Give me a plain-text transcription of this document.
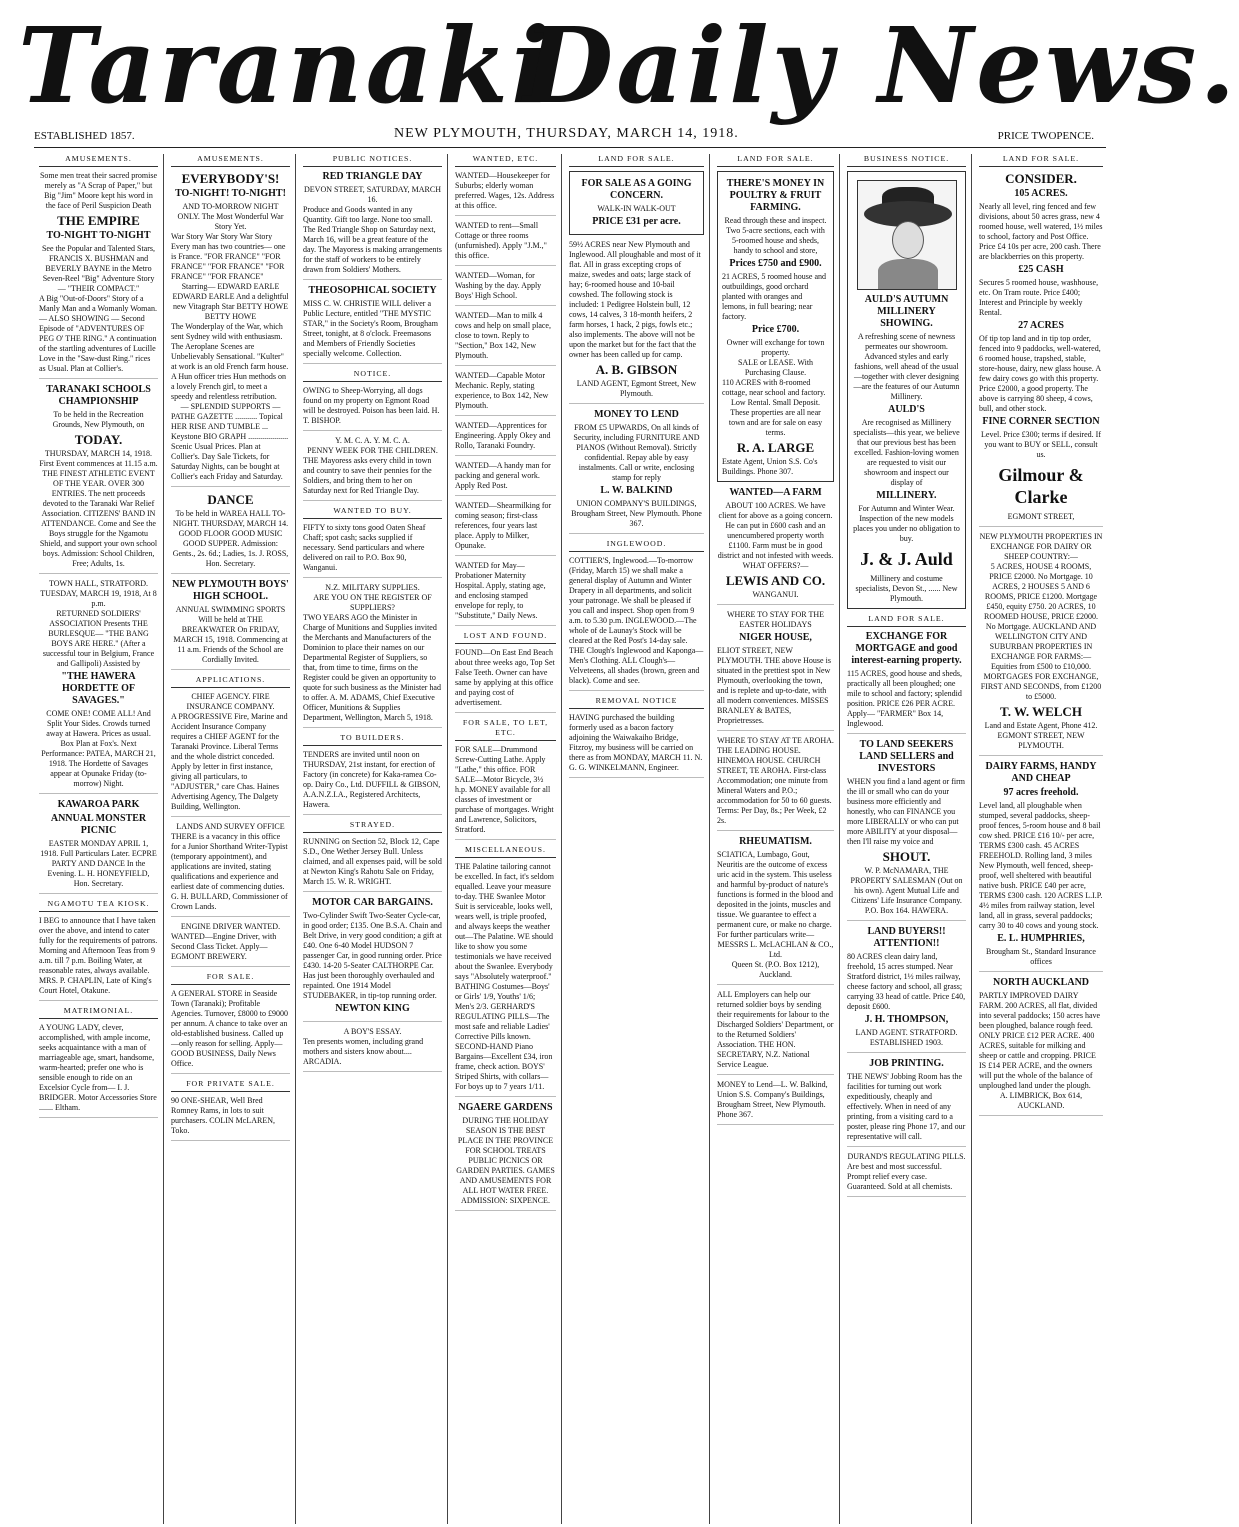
Taranaki
Daily News.
ESTABLISHED 1857.	NEW PLYMOUTH, THURSDAY, MARCH 14, 1918.	PRICE TWOPENCE.
AMUSEMENTS.
Some men treat their sacred promise merely as "A Scrap of Paper," but Big "Jim" Moore kept his word in the face of Peril Suspicion Death
THE EMPIRE
TO-NIGHT TO-NIGHT
See the Popular and Talented Stars, FRANCIS X. BUSHMAN and BEVERLY BAYNE in the Metro Seven-Reel "Big" Adventure Story— "THEIR COMPACT."
A Big "Out-of-Doors" Story of a Manly Man and a Womanly Woman. — ALSO SHOWING — Second Episode of "ADVENTURES OF PEG O' THE RING." A continuation of the startling adventures of Lucille Love in the "Saw-dust Ring." rices as Usual. Plan at Collier's.
TARANAKI SCHOOLS CHAMPIONSHIP
To be held in the Recreation Grounds, New Plymouth, on
TODAY.
THURSDAY, MARCH 14, 1918. First Event commences at 11.15 a.m. THE FINEST ATHLETIC EVENT OF THE YEAR. OVER 300 ENTRIES. The nett proceeds devoted to the Taranaki War Relief Association. CITIZENS' BAND IN ATTENDANCE. Come and See the Boys struggle for the Ngamotu Shield, and support your own school boys. Admission: School Children, Free; Adults, 1s.
TOWN HALL, STRATFORD. TUESDAY, MARCH 19, 1918, At 8 p.m.
RETURNED SOLDIERS' ASSOCIATION Presents THE BURLESQUE— "THE BANG BOYS ARE HERE." (After a successful tour in Belgium, France and Gallipoli) Assisted by
"THE HAWERA HORDETTE OF SAVAGES."
COME ONE! COME ALL! And Split Your Sides. Crowds turned away at Hawera. Prices as usual. Box Plan at Fox's. Next Performance: PATEA, MARCH 21, 1918. The Hordette of Savages appear at Opunake Friday (to-morrow) Night.
KAWAROA PARK
ANNUAL MONSTER PICNIC
EASTER MONDAY APRIL 1, 1918. Full Particulars Later. ECPRE PARTY AND DANCE In the Evening. L. H. HONEYFIELD, Hon. Secretary.
NGAMOTU TEA KIOSK.
I BEG to announce that I have taken over the above, and intend to cater fully for the requirements of patrons. Morning and Afternoon Teas from 9 a.m. till 7 p.m. Boiling Water, at reasonable rates, always available. MRS. P. CHAPLIN, Late of King's Court Hotel, Otakune.
MATRIMONIAL.
A YOUNG LADY, clever, accomplished, with ample income, seeks acquaintance with a man of marriageable age, smart, handsome, warm-hearted; prefer one who is sensible enough to ride on an Excelsior Cycle from— I. J. BRIDGER. Motor Accessories Store ....... Eltham.
AMUSEMENTS.
EVERYBODY'S!
TO-NIGHT! TO-NIGHT!
AND TO-MORROW NIGHT ONLY. The Most Wonderful War Story Yet.
War Story War Story War Story Every man has two countries— one is France. "FOR FRANCE" "FOR FRANCE" "FOR FRANCE" "FOR FRANCE" "FOR FRANCE"
Starring— EDWARD EARLE EDWARD EARLE And a delightful new Vitagraph Star BETTY HOWE BETTY HOWE
The Wonderplay of the War, which sent Sydney wild with enthusiasm. The Aeroplane Scenes are Unbelievably Sensational. "Kulter" at work is an old French farm house. A Hun officer tries Hun methods on a lovely French girl, to meet a speedy and relentless retribution.
— SPLENDID SUPPORTS —
PATHE GAZETTE ........... Topical HER RISE AND TUMBLE ... Keystone BIO GRAPH .................... Scenic Usual Prices. Plan at Collier's. Day Sale Tickets, for Saturday Nights, can be bought at Collier's each Friday and Saturday.
DANCE
To be held in WAREA HALL TO-NIGHT. THURSDAY, MARCH 14. GOOD FLOOR GOOD MUSIC GOOD SUPPER. Admission: Gents., 2s. 6d.; Ladies, 1s. J. ROSS, Hon. Secretary.
NEW PLYMOUTH BOYS' HIGH SCHOOL.
ANNUAL SWIMMING SPORTS Will be held at THE BREAKWATER On FRIDAY, MARCH 15, 1918. Commencing at 11 a.m. Friends of the School are Cordially Invited.
APPLICATIONS.
CHIEF AGENCY. FIRE INSURANCE COMPANY.
A PROGRESSIVE Fire, Marine and Accident Insurance Company requires a CHIEF AGENT for the Taranaki Province. Liberal Terms and the whole district conceded. Apply by letter in first instance, giving all particulars, to "ADJUSTER," care Chas. Haines Advertising Agency, The Dalgety Building, Wellington.
LANDS AND SURVEY OFFICE
THERE is a vacancy in this office for a Junior Shorthand Writer-Typist (temporary appointment), and applications are invited, stating qualifications and experience and earliest date of commencing duties. G. H. BULLARD, Commissioner of Crown Lands.
ENGINE DRIVER WANTED.
WANTED—Engine Driver, with Second Class Ticket. Apply— EGMONT BREWERY.
FOR SALE.
A GENERAL STORE in Seaside Town (Taranaki); Profitable Agencies. Turnover, £8000 to £9000 per annum. A chance to take over an old-established business. Called up—only reason for selling. Apply— GOOD BUSINESS, Daily News Office.
FOR PRIVATE SALE.
90 ONE-SHEAR, Well Bred Romney Rams, in lots to suit purchasers. COLIN McLAREN, Toko.
PUBLIC NOTICES.
RED TRIANGLE DAY
DEVON STREET, SATURDAY, MARCH 16.
Produce and Goods wanted in any Quantity. Gift too large. None too small. The Red Triangle Shop on Saturday next, March 16, will be a great feature of the day. The Mayoress is making arrangements for the staff of workers to be entirely drawn from Soldiers' Mothers.
THEOSOPHICAL SOCIETY
MISS C. W. CHRISTIE WILL deliver a Public Lecture, entitled "THE MYSTIC STAR," in the Society's Room, Brougham Street, tonight, at 8 o'clock. Freemasons and Members of Friendly Societies specially welcome. Collection.
NOTICE.
OWING to Sheep-Worrying, all dogs found on my property on Egmont Road will be destroyed. Poison has been laid. H. T. BISHOP.
Y. M. C. A. Y. M. C. A.
PENNY WEEK FOR THE CHILDREN.
THE Mayoress asks every child in town and country to save their pennies for the Soldiers, and bring them to her on Saturday next for Red Triangle Day.
WANTED TO BUY.
FIFTY to sixty tons good Oaten Sheaf Chaff; spot cash; sacks supplied if necessary. Send particulars and where delivered on rail to P.O. Box 90, Wanganui.
N.Z. MILITARY SUPPLIES.
ARE YOU ON THE REGISTER OF SUPPLIERS?
TWO YEARS AGO the Minister in Charge of Munitions and Supplies invited the Merchants and Manufacturers of the Dominion to place their names on our Departmental Register of Suppliers, so that, from time to time, firms on the Register could be given an opportunity to quote for such business as the Minister had to offer. A. M. ADAMS, Chief Executive Officer, Munitions & Supplies Department, Wellington, March 5, 1918.
TO BUILDERS.
TENDERS are invited until noon on THURSDAY, 21st instant, for erection of Factory (in concrete) for Kaka-ramea Co-op. Dairy Co., Ltd. DUFFILL & GIBSON, A.A.N.Z.I.A., Registered Architects, Hawera.
STRAYED.
RUNNING on Section 52, Block 12, Cape S.D., One Wether Jersey Bull. Unless claimed, and all expenses paid, will be sold at Newton King's Rahotu Sale on Friday, March 15. W. R. WRIGHT.
MOTOR CAR BARGAINS.
Two-Cylinder Swift Two-Seater Cycle-car, in good order; £135. One B.S.A. Chain and Belt Drive, in very good condition; a gift at £40. One 6-40 Model HUDSON 7 passenger Car, in good running order. Price £430. 14-20 5-Seater CALTHORPE Car. Has just been thoroughly overhauled and repainted. One 1914 Model STUDEBAKER, in tip-top running order.
NEWTON KING
A BOY'S ESSAY.
Ten presents women, including grand mothers and sisters know about.... ARCADIA.
WANTED, ETC.
WANTED—Housekeeper for Suburbs; elderly woman preferred. Wages, 12s. Address at this office.
WANTED to rent—Small Cottage or three rooms (unfurnished). Apply "J.M.," this office.
WANTED—Woman, for Washing by the day. Apply Boys' High School.
WANTED—Man to milk 4 cows and help on small place, close to town. Reply to "Section," Box 142, New Plymouth.
WANTED—Capable Motor Mechanic. Reply, stating experience, to Box 142, New Plymouth.
WANTED—Apprentices for Engineering. Apply Okey and Rollo, Taranaki Foundry.
WANTED—A handy man for packing and general work. Apply Red Post.
WANTED—Shearmilking for coming season; first-class references, four years last place. Apply to Milker, Opunake.
WANTED for May—Probationer Maternity Hospital. Apply, stating age, and enclosing stamped envelope for reply, to "Substitute," Daily News.
LOST AND FOUND.
FOUND—On East End Beach about three weeks ago, Top Set False Teeth. Owner can have same by applying at this office and paying cost of advertisement.
FOR SALE, TO LET, ETC.
FOR SALE—Drummond Screw-Cutting Lathe. Apply "Lathe," this office. FOR SALE—Motor Bicycle, 3½ h.p. MONEY available for all classes of investment or purchase of mortgages. Wright and Lawrence, Solicitors, Stratford.
MISCELLANEOUS.
THE Palatine tailoring cannot be excelled. In fact, it's seldom equalled. Leave your measure to-day. THE Swanlee Motor Suit is serviceable, looks well, wears well, is triple proofed, and always keeps the weather out—The Palatine. WE should like to show you some testimonials we have received about the Swanlee. Everybody says "Absolutely waterproof." BATHING Costumes—Boys' or Girls' 1/9, Youths' 1/6; Men's 2/3. GERHARD'S REGULATING PILLS—The most safe and reliable Ladies' Corrective Pills known. SECOND-HAND Piano Bargains—Excellent £34, iron frame, check action. BOYS' Striped Shirts, with collars—For boys up to 7 years 1/11.
NGAERE GARDENS
DURING THE HOLIDAY SEASON IS THE BEST PLACE IN THE PROVINCE FOR SCHOOL TREATS PUBLIC PICNICS OR GARDEN PARTIES. GAMES AND AMUSEMENTS FOR ALL HOT WATER FREE. ADMISSION: SIXPENCE.
LAND FOR SALE.
FOR SALE AS A GOING CONCERN.
WALK-IN WALK-OUT
PRICE £31 per acre.
59½ ACRES near New Plymouth and Inglewood. All ploughable and most of it flat. All in grass excepting crops of maize, swedes and oats; large stack of hay; 6-roomed house and 10-bail cowshed. The following stock is included: 1 Pedigree Holstein bull, 12 cows, 14 calves, 3 18-month heifers, 2 farm horses, 1 hack, 2 pigs, fowls etc.; also implements. The above will not be upon the market but for the fact that the owner has been called up for camp.
A. B. GIBSON
LAND AGENT, Egmont Street, New Plymouth.
MONEY TO LEND
FROM £5 UPWARDS, On all kinds of Security, including FURNITURE AND PIANOS (Without Removal). Strictly confidential. Repay able by easy instalments. Call or write, enclosing stamp for reply
L. W. BALKIND
UNION COMPANY'S BUILDINGS, Brougham Street, New Plymouth. Phone 367.
INGLEWOOD.
COTTIER'S, Inglewood.—To-morrow (Friday, March 15) we shall make a general display of Autumn and Winter Drapery in all departments, and solicit your patronage. We shall be pleased if you call and inspect. Shop open from 9 a.m. to 5.30 p.m. INGLEWOOD.—The whole of de Launay's Stock will be cleared at the Red Post's 14-day sale. THE Clough's Inglewood and Kaponga—Men's Clothing. ALL Clough's—Velveteens, all shades (brown, green and black). Come and see.
REMOVAL NOTICE
HAVING purchased the building formerly used as a bacon factory adjoining the Waiwakaiho Bridge, Fitzroy, my business will be carried on there as from MONDAY, MARCH 11. N. G. G. WINKELMANN, Engineer.
LAND FOR SALE.
THERE'S MONEY IN POULTRY & FRUIT FARMING.
Read through these and inspect. Two 5-acre sections, each with 5-roomed house and sheds, handy to school and store,
Prices £750 and £900.
21 ACRES, 5 roomed house and outbuildings, good orchard planted with oranges and lemons, in full bearing; near factory.
Price £700.
Owner will exchange for town property.
SALE or LEASE. With Purchasing Clause.
110 ACRES with 8-roomed cottage, near school and factory.
Low Rental. Small Deposit.
These properties are all near town and are for sale on easy terms.
R. A. LARGE
Estate Agent, Union S.S. Co's Buildings. Phone 307.
WANTED—A FARM
ABOUT 100 ACRES. We have client for above as a going concern. He can put in £600 cash and an unencumbered property worth £1100. Farm must be in good district and not infested with weeds. WHAT OFFERS?—
LEWIS AND CO.
WANGANUI.
WHERE TO STAY FOR THE EASTER HOLIDAYS
NIGER HOUSE,
ELIOT STREET, NEW PLYMOUTH. THE above House is situated in the prettiest spot in New Plymouth, overlooking the town, and is replete and up-to-date, with all modern conveniences. MISSES BRANLEY & BATES, Proprietresses.
WHERE TO STAY AT TE AROHA.
THE LEADING HOUSE. HINEMOA HOUSE. CHURCH STREET, TE AROHA. First-class Accommodation; one minute from Mineral Waters and P.O.; accommodation for 50 to 60 guests. Terms: Per Day, 8s.; Per Week, £2 2s.
RHEUMATISM.
SCIATICA, Lumbago, Gout, Neuritis are the outcome of excess uric acid in the system. This useless and harmful by-product of nature's functions is formed in the blood and deposited in the joints, muscles and tissue. We guarantee to effect a permanent cure, or make no charge. For further particulars write—
MESSRS L. McLACHLAN & CO., Ltd.
Queen St. (P.O. Box 1212), Auckland.
ALL Employers can help our returned soldier boys by sending their requirements for labour to the Discharged Soldiers' Department, or to the Returned Soldiers' Association. THE HON. SECRETARY, N.Z. National Service League.
MONEY to Lend—L. W. Balkind, Union S.S. Company's Buildings, Brougham Street, New Plymouth. Phone 367.
BUSINESS NOTICE.
AULD'S AUTUMN MILLINERY SHOWING.
A refreshing scene of newness permeates our showroom. Advanced styles and early fashions, well ahead of the usual—together with clever designing—are the features of our Autumn Millinery.
AULD'S
Are recognised as Millinery specialists—this year, we believe that our previous best has been excelled. Fashion-loving women are requested to visit our showroom and inspect our display of
MILLINERY.
For Autumn and Winter Wear. Inspection of the new models places you under no obligation to buy.
J. & J. Auld
Millinery and costume specialists, Devon St., ...... New Plymouth.
LAND FOR SALE.
EXCHANGE FOR MORTGAGE and good interest-earning property.
115 ACRES, good house and sheds, practically all been ploughed; one mile to school and factory; splendid position. PRICE £26 PER ACRE. Apply— "FARMER" Box 14, Inglewood.
TO LAND SEEKERS LAND SELLERS and INVESTORS
WHEN you find a land agent or firm the ill or small who can do your business more efficiently and honestly, who can FINANCE you more LIBERALLY or who can put more ABILITY at your disposal—then I'll raise my voice and
SHOUT.
W. P. McNAMARA, THE PROPERTY SALESMAN (Out on his own). Agent Mutual Life and Citizens' Life Insurance Company. P.O. Box 164. HAWERA.
LAND BUYERS!! ATTENTION!!
80 ACRES clean dairy land, freehold, 15 acres stumped. Near Stratford district, 1½ miles railway, cheese factory and school, all grass; carrying 33 head of cattle. Price £40, deposit £600.
J. H. THOMPSON,
LAND AGENT. STRATFORD. ESTABLISHED 1903.
JOB PRINTING.
THE NEWS' Jobbing Room has the facilities for turning out work expeditiously, cheaply and effectively. When in need of any printing, from a visiting card to a poster, please ring Phone 17, and our representative will call.
DURAND'S REGULATING PILLS.
Are best and most successful. Prompt relief every case. Guaranteed. Sold at all chemists.
LAND FOR SALE.
CONSIDER.
105 ACRES.
Nearly all level, ring fenced and few divisions, about 50 acres grass, new 4 roomed house, well watered, 1½ miles to school, factory and Post Office. Price £4 10s per acre, 200 cash. There are blackberries on this property.
£25 CASH
Secures 5 roomed house, washhouse, etc. On Tram route. Price £400; Interest and Principle by weekly Rental.
27 ACRES
Of tip top land and in tip top order, fenced into 9 paddocks, well-watered, 6 roomed house, trapshed, stable, store-house, dairy, new glass house. A few dairy cows go with this property. Price £2000, a good property. The above is carrying 80 sheep, 4 cows, bull, and other stock.
FINE CORNER SECTION
Level. Price £300; terms if desired. If you want to BUY or SELL, consult us.
Gilmour & Clarke
EGMONT STREET,
NEW PLYMOUTH PROPERTIES IN EXCHANGE FOR DAIRY OR SHEEP COUNTRY:—
5 ACRES, HOUSE 4 ROOMS, PRICE £2000. No Mortgage. 10 ACRES, 2 HOUSES 5 AND 6 ROOMS, PRICE £1200. Mortgage £450, equity £750. 20 ACRES, 10 ROOMED HOUSE, PRICE £2000. No Mortgage. AUCKLAND AND WELLINGTON CITY AND SUBURBAN PROPERTIES IN EXCHANGE FOR FARMS:— Equities from £500 to £10,000. MORTGAGES FOR EXCHANGE, FIRST AND SECONDS, from £1200 to £5000.
T. W. WELCH
Land and Estate Agent, Phone 412. EGMONT STREET, NEW PLYMOUTH.
DAIRY FARMS, HANDY AND CHEAP
97 acres freehold.
Level land, all ploughable when stumped, several paddocks, sheep-proof fences, 5-room house and 8 bail cow shed. PRICE £16 10/- per acre, TERMS £300 cash. 45 ACRES FREEHOLD. Rolling land, 3 miles New Plymouth, well fenced, sheep-proof, well sheltered with beautiful native bush. PRICE £40 per acre, TERMS £300 cash. 120 ACRES L.I.P. 4½ miles from railway station, level land, all in grass, several paddocks; carry 30 to 40 cows and young stock.
E. L. HUMPHRIES,
Brougham St., Standard Insurance offices
NORTH AUCKLAND
PARTLY IMPROVED DAIRY FARM. 200 ACRES, all flat, divided into several paddocks; 150 acres have been ploughed, balance rough feed. ONLY PRICE £12 PER ACRE. 400 ACRES, suitable for milking and sheep or cattle and cropping. PRICE IS £14 PER ACRE, and the owners will put the whole of the balance of unploughed land under the plough.
A. LIMBRICK, Box 614, AUCKLAND.
